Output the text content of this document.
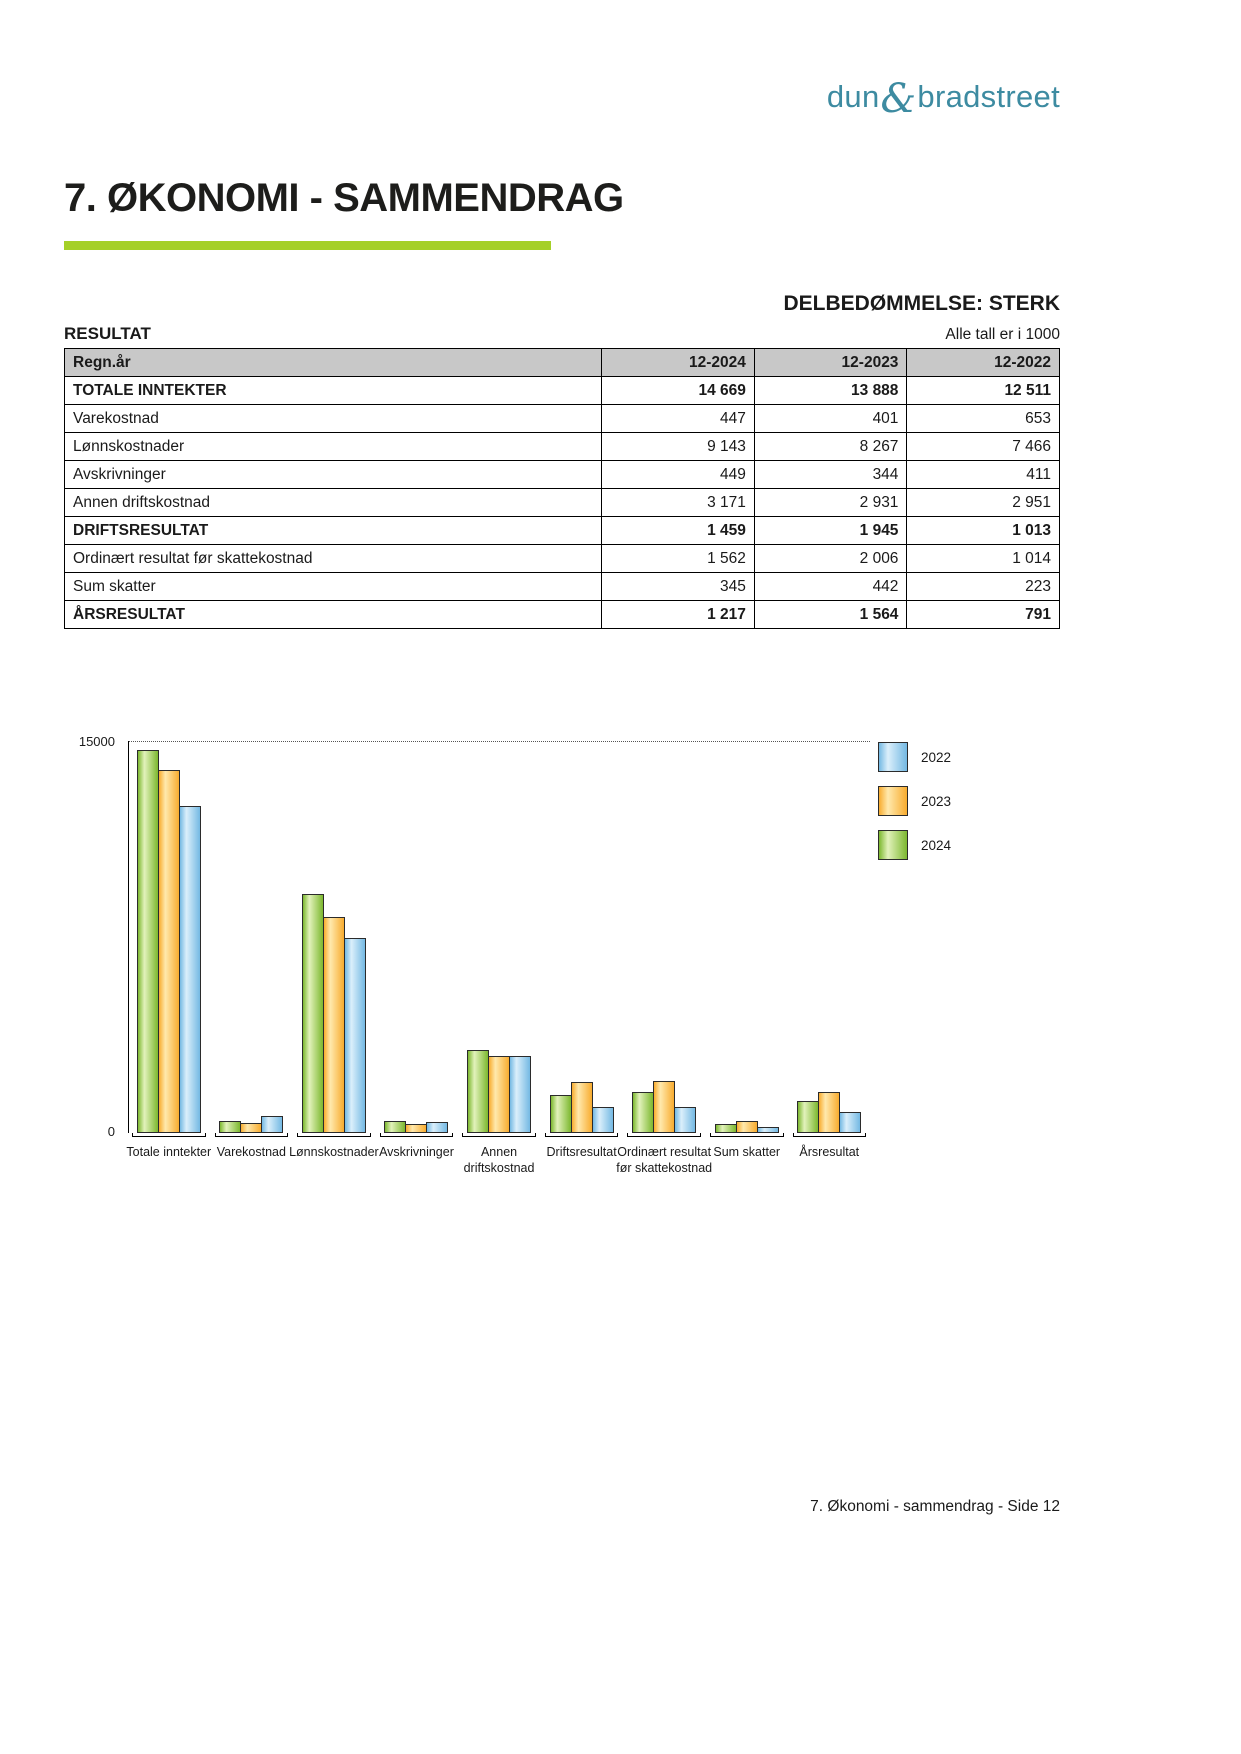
dun&bradstreet
7. ØKONOMI - SAMMENDRAG
DELBEDØMMELSE: STERK
RESULTAT	Alle tall er i 1000
Regn.år	12-2024	12-2023	12-2022
TOTALE INNTEKTER	14 669	13 888	12 511
Varekostnad	447	401	653
Lønnskostnader	9 143	8 267	7 466
Avskrivninger	449	344	411
Annen driftskostnad	3 171	2 931	2 951
DRIFTSRESULTAT	1 459	1 945	1 013
Ordinært resultat før skattekostnad	1 562	2 006	1 014
Sum skatter	345	442	223
ÅRSRESULTAT	1 217	1 564	791
15000
0
Totale inntekter Varekostnad Lønnskostnader Avskrivninger	Annen driftskostnad
Driftsresultat Ordinært resultat før skattekostnad
Sum skatter	Årsresultat
2022
2023
2024
7. Økonomi - sammendrag - Side 12
